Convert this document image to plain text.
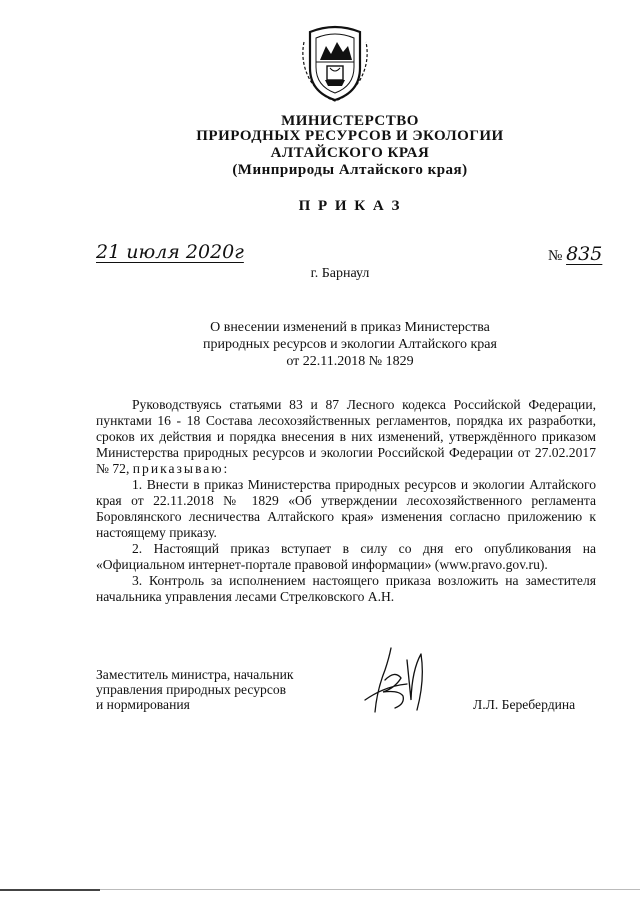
МИНИСТЕРСТВО
ПРИРОДНЫХ РЕСУРСОВ И ЭКОЛОГИИ
АЛТАЙСКОГО КРАЯ
(Минприроды Алтайского края)
П Р И К А З
21 июля 2020г	№ 835
г. Барнаул
О внесении изменений в приказ Министерства
природных ресурсов и экологии Алтайского края
от 22.11.2018 № 1829

Руководствуясь статьями 83 и 87 Лесного кодекса Российской Федерации, пунктами 16 - 18 Состава лесохозяйственных регламентов, порядка их разработки, сроков их действия и порядка внесения в них изменений, утверждённого приказом Министерства природных ресурсов и экологии Российской Федерации от 27.02.2017 № 72, приказываю:

1. Внести в приказ Министерства природных ресурсов и экологии Алтайского края от 22.11.2018 № 1829 «Об утверждении лесохозяйственного регламента Боровлянского лесничества Алтайского края» изменения согласно приложению к настоящему приказу.

2. Настоящий приказ вступает в силу со дня его опубликования на «Официальном интернет-портале правовой информации» (www.pravo.gov.ru).

3. Контроль за исполнением настоящего приказа возложить на заместителя начальника управления лесами Стрелковского А.Н.

Заместитель министра, начальник
управления природных ресурсов
и нормирования	Л.Л. Беребердина
